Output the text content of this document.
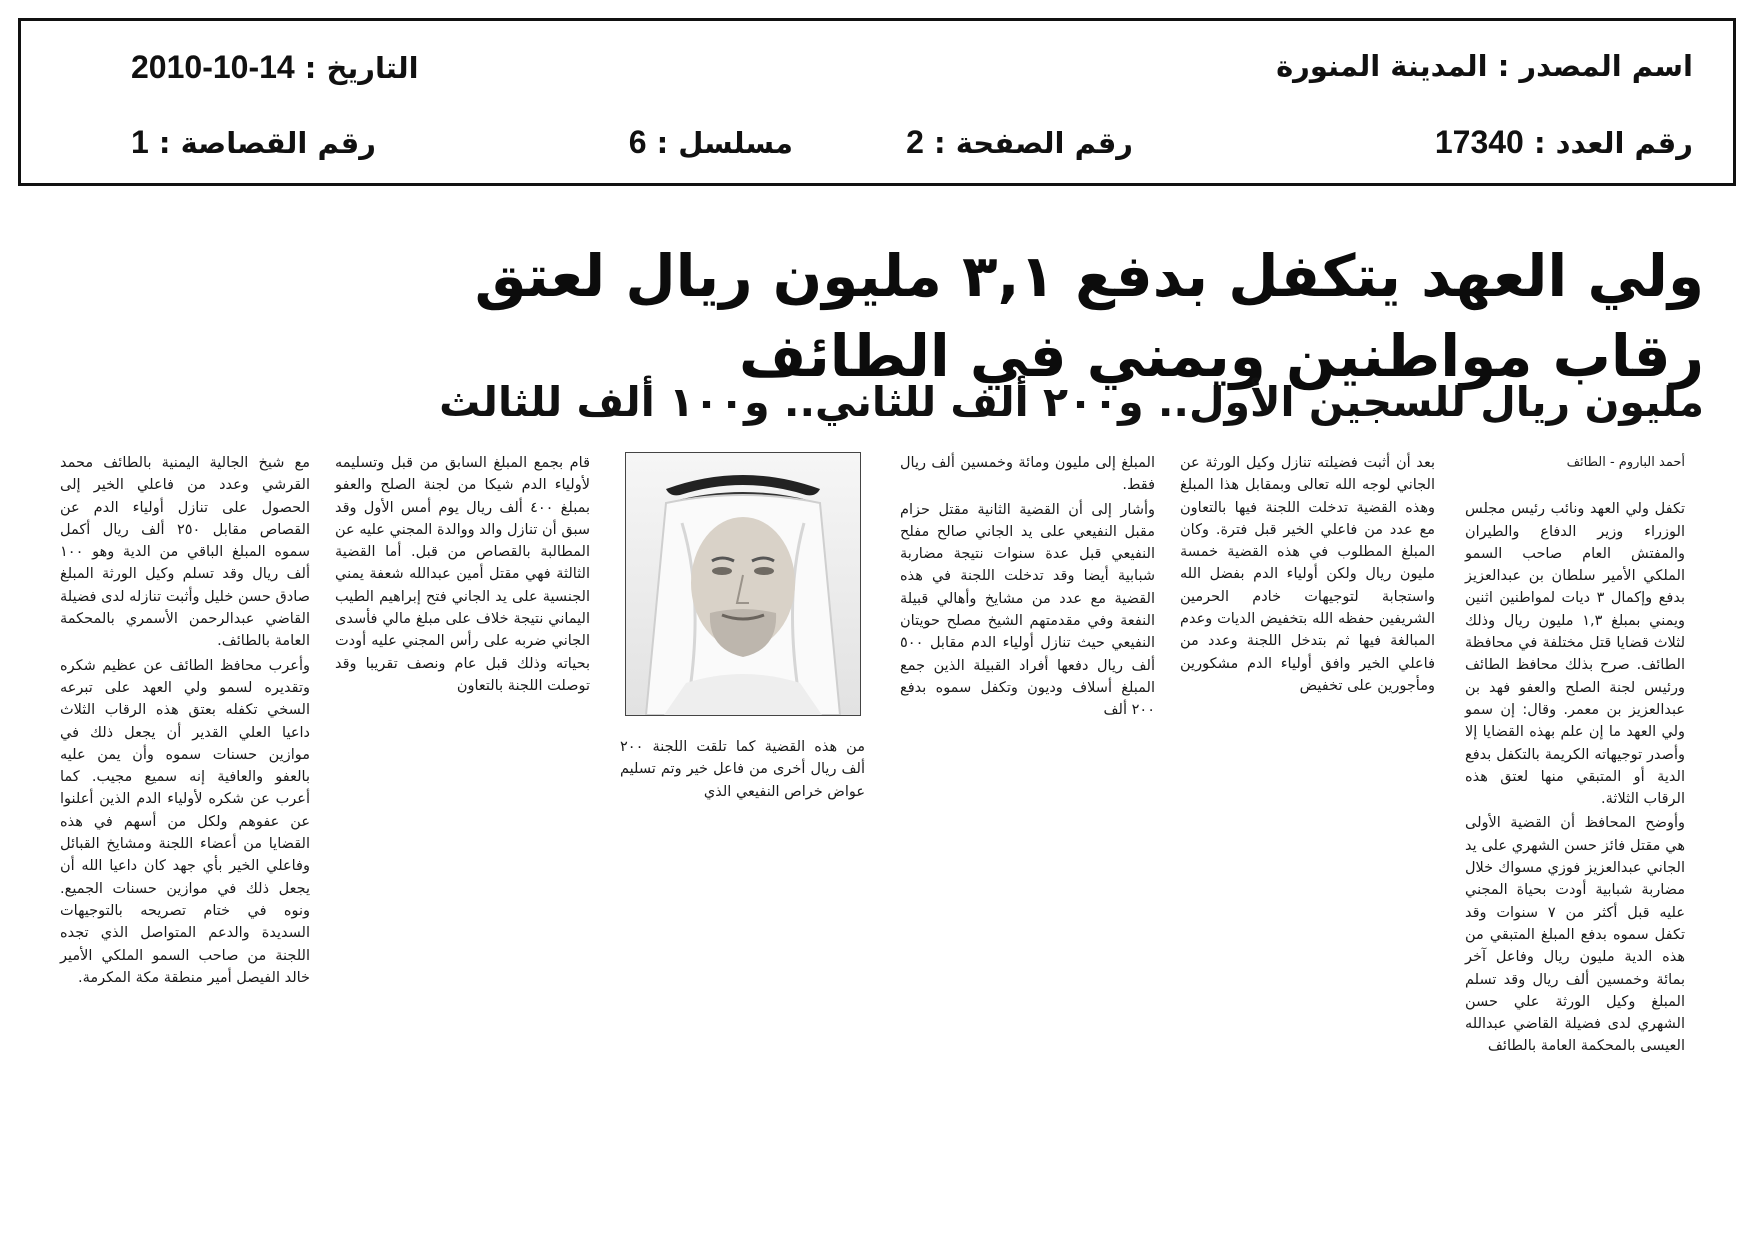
اسم المصدر : المدينة المنورة
التاريخ : 2010-10-14
رقم العدد : 17340
رقم الصفحة : 2
مسلسل : 6
رقم القصاصة : 1
ولي العهد يتكفل بدفع ٣,١ مليون ريال لعتق
رقاب مواطنين ويمني في الطائف
مليون ريال للسجين الأول.. و٢٠٠ ألف للثاني.. و١٠٠ ألف للثالث

أحمد الباروم - الطائف

تكفل ولي العهد ونائب رئيس مجلس الوزراء وزير الدفاع والطيران والمفتش العام صاحب السمو الملكي الأمير سلطان بن عبدالعزيز بدفع وإكمال ٣ ديات لمواطنين اثنين ويمني بمبلغ ١,٣ مليون ريال وذلك لثلاث قضايا قتل مختلفة في محافظة الطائف. صرح بذلك محافظ الطائف ورئيس لجنة الصلح والعفو فهد بن عبدالعزيز بن معمر. وقال: إن سمو ولي العهد ما إن علم بهذه القضايا إلا وأصدر توجيهاته الكريمة بالتكفل بدفع الدية أو المتبقي منها لعتق هذه الرقاب الثلاثة.

وأوضح المحافظ أن القضية الأولى هي مقتل فائز حسن الشهري على يد الجاني عبدالعزيز فوزي مسواك خلال مضاربة شبابية أودت بحياة المجني عليه قبل أكثر من ٧ سنوات وقد تكفل سموه بدفع المبلغ المتبقي من هذه الدية مليون ريال وفاعل آخر بمائة وخمسين ألف ريال وقد تسلم المبلغ وكيل الورثة علي حسن الشهري لدى فضيلة القاضي عبدالله العيسى بالمحكمة العامة بالطائف

بعد أن أثبت فضيلته تنازل وكيل الورثة عن الجاني لوجه الله تعالى وبمقابل هذا المبلغ وهذه القضية تدخلت اللجنة فيها بالتعاون مع عدد من فاعلي الخير قبل فترة. وكان المبلغ المطلوب في هذه القضية خمسة مليون ريال ولكن أولياء الدم بفضل الله واستجابة لتوجيهات خادم الحرمين الشريفين حفظه الله بتخفيض الديات وعدم المبالغة فيها ثم بتدخل اللجنة وعدد من فاعلي الخير وافق أولياء الدم مشكورين ومأجورين على تخفيض

المبلغ إلى مليون ومائة وخمسين ألف ريال فقط.

وأشار إلى أن القضية الثانية مقتل حزام مقبل النفيعي على يد الجاني صالح مفلح النفيعي قبل عدة سنوات نتيجة مضاربة شبابية أيضا وقد تدخلت اللجنة في هذه القضية مع عدد من مشايخ وأهالي قبيلة النفعة وفي مقدمتهم الشيخ مصلح حويتان النفيعي حيث تنازل أولياء الدم مقابل ٥٠٠ ألف ريال دفعها أفراد القبيلة الذين جمع المبلغ أسلاف وديون وتكفل سموه بدفع ٢٠٠ ألف

من هذه القضية كما تلقت اللجنة ٢٠٠ ألف ريال أخرى من فاعل خير وتم تسليم عواض خراص النفيعي الذي

قام بجمع المبلغ السابق من قبل وتسليمه لأولياء الدم شيكا من لجنة الصلح والعفو بمبلغ ٤٠٠ ألف ريال يوم أمس الأول وقد سبق أن تنازل والد ووالدة المجني عليه عن المطالبة بالقصاص من قبل. أما القضية الثالثة فهي مقتل أمين عبدالله شعفة يمني الجنسية على يد الجاني فتح إبراهيم الطيب اليماني نتيجة خلاف على مبلغ مالي فأسدى الجاني ضربه على رأس المجني عليه أودت بحياته وذلك قبل عام ونصف تقريبا وقد توصلت اللجنة بالتعاون

مع شيخ الجالية اليمنية بالطائف محمد القرشي وعدد من فاعلي الخير إلى الحصول على تنازل أولياء الدم عن القصاص مقابل ٢٥٠ ألف ريال أكمل سموه المبلغ الباقي من الدية وهو ١٠٠ ألف ريال وقد تسلم وكيل الورثة المبلغ صادق حسن خليل وأثبت تنازله لدى فضيلة القاضي عبدالرحمن الأسمري بالمحكمة العامة بالطائف.

وأعرب محافظ الطائف عن عظيم شكره وتقديره لسمو ولي العهد على تبرعه السخي تكفله بعتق هذه الرقاب الثلاث داعيا العلي القدير أن يجعل ذلك في موازين حسنات سموه وأن يمن عليه بالعفو والعافية إنه سميع مجيب. كما أعرب عن شكره لأولياء الدم الذين أعلنوا عن عفوهم ولكل من أسهم في هذه القضايا من أعضاء اللجنة ومشايخ القبائل وفاعلي الخير بأي جهد كان داعيا الله أن يجعل ذلك في موازين حسنات الجميع. ونوه في ختام تصريحه بالتوجيهات السديدة والدعم المتواصل الذي تجده اللجنة من صاحب السمو الملكي الأمير خالد الفيصل أمير منطقة مكة المكرمة.
